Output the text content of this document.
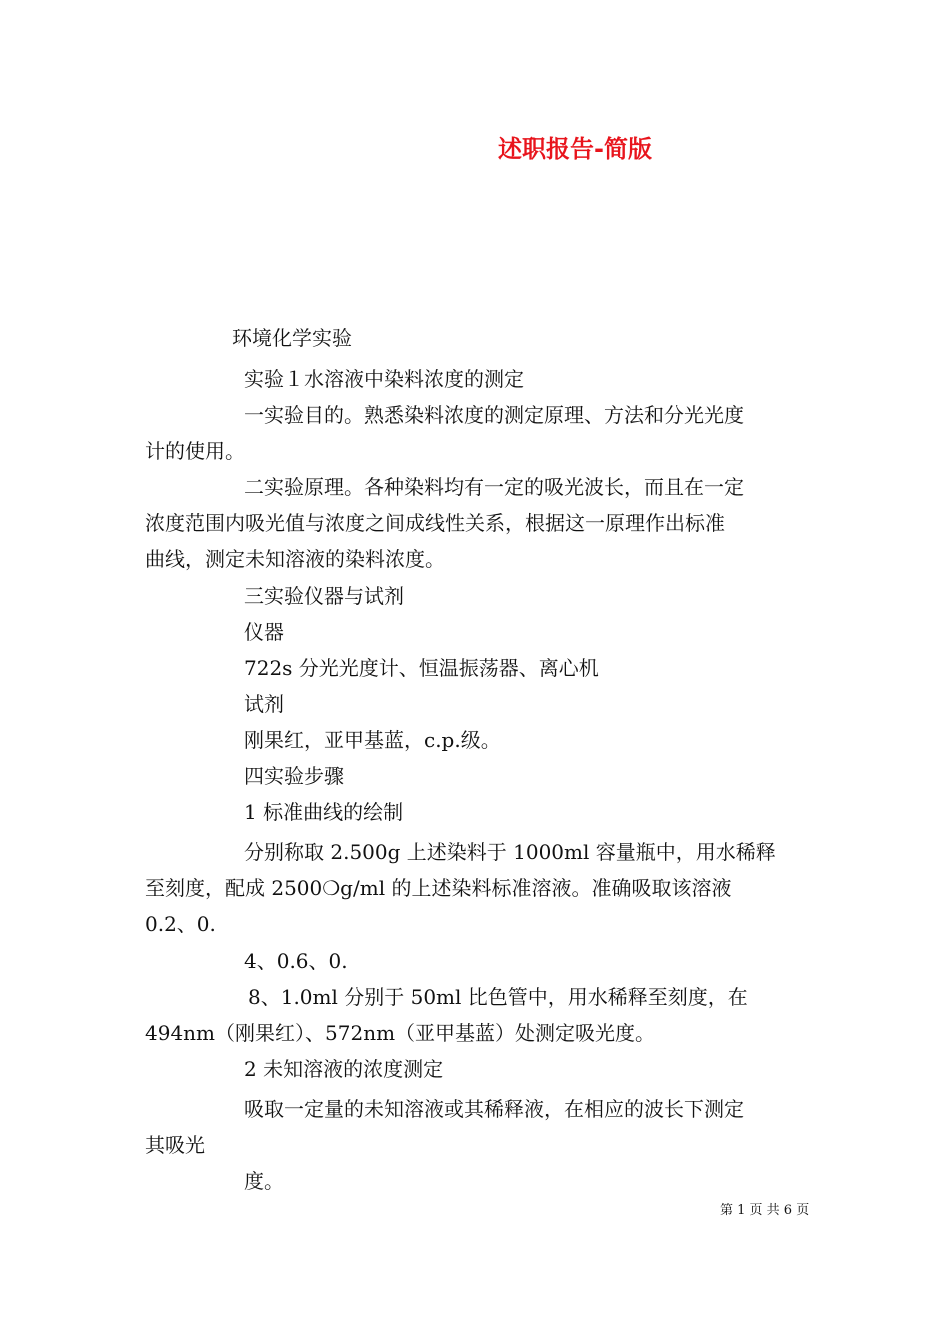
述职报告-简版
环境化学实验
实验１水溶液中染料浓度的测定
一实验目的。熟悉染料浓度的测定原理、方法和分光光度
计的使用。
二实验原理。各种染料均有一定的吸光波长，而且在一定
浓度范围内吸光值与浓度之间成线性关系，根据这一原理作出标准
曲线，测定未知溶液的染料浓度。
三实验仪器与试剂
仪器
722s 分光光度计、恒温振荡器、离心机
试剂
刚果红，亚甲基蓝，c.p.级。
四实验步骤
1 标准曲线的绘制
分别称取 2.500g 上述染料于 1000ml 容量瓶中，用水稀释
至刻度，配成 2500❍g/ml 的上述染料标准溶液。准确吸取该溶液
0.2、0.
4、0.6、0.
8、1.0ml 分别于 50ml 比色管中，用水稀释至刻度，在
494nm（刚果红）、572nm（亚甲基蓝）处测定吸光度。
2 未知溶液的浓度测定
吸取一定量的未知溶液或其稀释液，在相应的波长下测定
其吸光
度。
第 1 页 共 6 页
